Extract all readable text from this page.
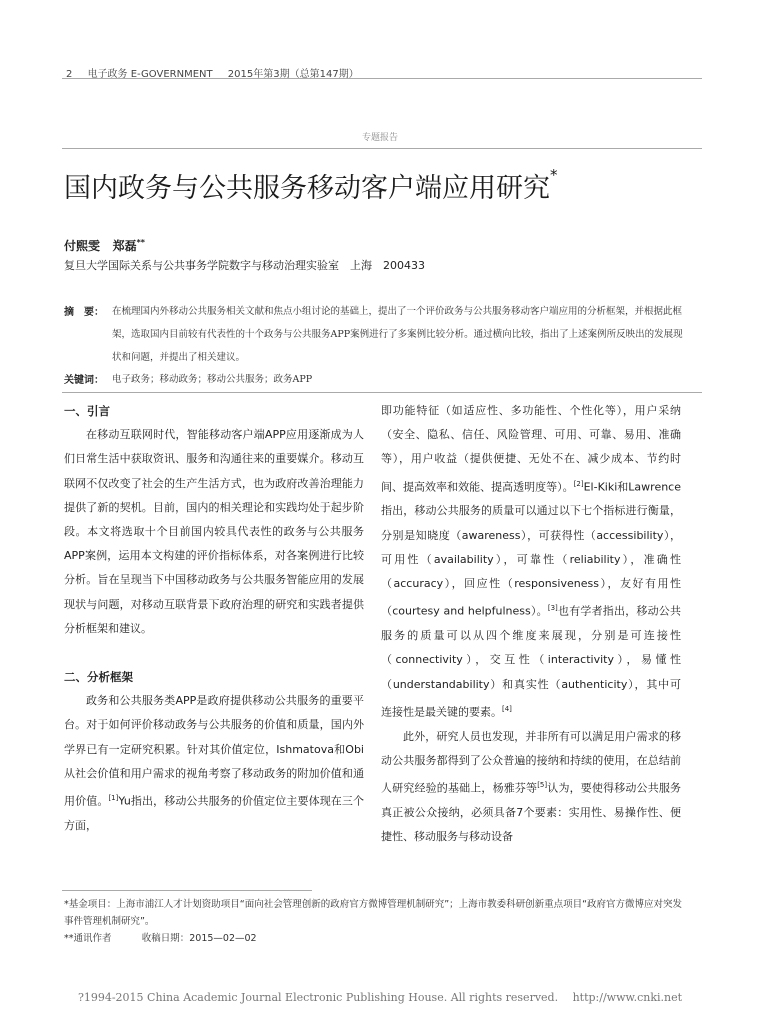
2 电子政务 E-GOVERNMENT 2015年第3期（总第147期）
专题报告
国内政务与公共服务移动客户端应用研究*
付熙雯 郑磊**
复旦大学国际关系与公共事务学院数字与移动治理实验室　上海　200433
摘　要： 在梳理国内外移动公共服务相关文献和焦点小组讨论的基础上，提出了一个评价政务与公共服务移动客户端应用的分析框架，并根据此框架，选取国内目前较有代表性的十个政务与公共服务APP案例进行了多案例比较分析。通过横向比较，指出了上述案例所反映出的发展现状和问题，并提出了相关建议。
关键词： 电子政务；移动政务；移动公共服务；政务APP

一、引言

在移动互联网时代，智能移动客户端APP应用逐渐成为人们日常生活中获取资讯、服务和沟通往来的重要媒介。移动互联网不仅改变了社会的生产生活方式，也为政府改善治理能力提供了新的契机。目前，国内的相关理论和实践均处于起步阶段。本文将选取十个目前国内较具代表性的政务与公共服务APP案例，运用本文构建的评价指标体系，对各案例进行比较分析。旨在呈现当下中国移动政务与公共服务智能应用的发展现状与问题，对移动互联背景下政府治理的研究和实践者提供分析框架和建议。

二、分析框架

政务和公共服务类APP是政府提供移动公共服务的重要平台。对于如何评价移动政务与公共服务的价值和质量，国内外学界已有一定研究积累。针对其价值定位，Ishmatova和Obi从社会价值和用户需求的视角考察了移动政务的附加价值和通用价值。[1]Yu指出，移动公共服务的价值定位主要体现在三个方面，

即功能特征（如适应性、多功能性、个性化等），用户采纳（安全、隐私、信任、风险管理、可用、可靠、易用、准确等），用户收益（提供便捷、无处不在、减少成本、节约时间、提高效率和效能、提高透明度等）。[2]El-Kiki和Lawrence指出，移动公共服务的质量可以通过以下七个指标进行衡量，分别是知晓度（awareness），可获得性（accessibility），可用性（availability），可靠性（reliability），准确性（accuracy），回应性（responsiveness），友好有用性（courtesy and helpfulness）。[3]也有学者指出，移动公共服务的质量可以从四个维度来展现，分别是可连接性（connectivity），交互性（interactivity），易懂性（understandability）和真实性（authenticity），其中可连接性是最关键的要素。[4]

此外，研究人员也发现，并非所有可以满足用户需求的移动公共服务都得到了公众普遍的接纳和持续的使用，在总结前人研究经验的基础上，杨雅芬等[5]认为，要使得移动公共服务真正被公众接纳，必须具备7个要素：实用性、易操作性、便捷性、移动服务与移动设备

*基金项目：上海市浦江人才计划资助项目“面向社会管理创新的政府官方微博管理机制研究”；上海市教委科研创新重点项目“政府官方微博应对突发事件管理机制研究”。
**通讯作者	收稿日期：2015—02—02
?1994-2015 China Academic Journal Electronic Publishing House. All rights reserved.　 http://www.cnki.net
